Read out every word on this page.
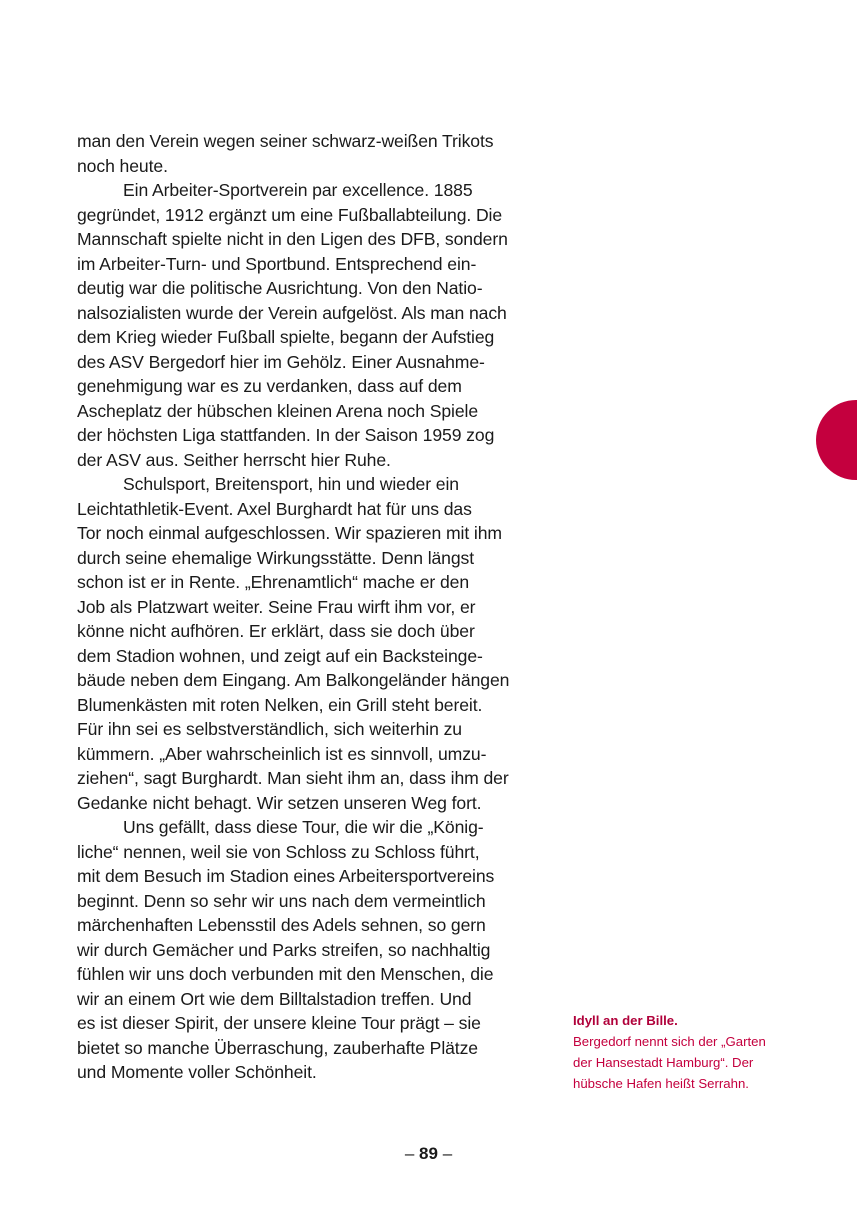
man den Verein wegen seiner schwarz-weißen Trikots
noch heute.
Ein Arbeiter-Sportverein par excellence. 1885
gegründet, 1912 ergänzt um eine Fußballabteilung. Die
Mannschaft spielte nicht in den Ligen des DFB, sondern
im Arbeiter-Turn- und Sportbund. Entsprechend ein-
deutig war die politische Ausrichtung. Von den Natio-
nalsozialisten wurde der Verein aufgelöst. Als man nach
dem Krieg wieder Fußball spielte, begann der Aufstieg
des ASV Bergedorf hier im Gehölz. Einer Ausnahme-
genehmigung war es zu verdanken, dass auf dem
Ascheplatz der hübschen kleinen Arena noch Spiele
der höchsten Liga stattfanden. In der Saison 1959 zog
der ASV aus. Seither herrscht hier Ruhe.
Schulsport, Breitensport, hin und wieder ein
Leichtathletik-Event. Axel Burghardt hat für uns das
Tor noch einmal aufgeschlossen. Wir spazieren mit ihm
durch seine ehemalige Wirkungsstätte. Denn längst
schon ist er in Rente. „Ehrenamtlich“ mache er den
Job als Platzwart weiter. Seine Frau wirft ihm vor, er
könne nicht aufhören. Er erklärt, dass sie doch über
dem Stadion wohnen, und zeigt auf ein Backsteinge-
bäude neben dem Eingang. Am Balkongeländer hängen
Blumenkästen mit roten Nelken, ein Grill steht bereit.
Für ihn sei es selbstverständlich, sich weiterhin zu
kümmern. „Aber wahrscheinlich ist es sinnvoll, umzu-
ziehen“, sagt Burghardt. Man sieht ihm an, dass ihm der
Gedanke nicht behagt. Wir setzen unseren Weg fort.
Uns gefällt, dass diese Tour, die wir die „König-
liche“ nennen, weil sie von Schloss zu Schloss führt,
mit dem Besuch im Stadion eines Arbeitersportvereins
beginnt. Denn so sehr wir uns nach dem vermeintlich
märchenhaften Lebensstil des Adels sehnen, so gern
wir durch Gemächer und Parks streifen, so nachhaltig
fühlen wir uns doch verbunden mit den Menschen, die
wir an einem Ort wie dem Billtalstadion treffen. Und
es ist dieser Spirit, der unsere kleine Tour prägt – sie
bietet so manche Überraschung, zauberhafte Plätze
und Momente voller Schönheit.
Idyll an der Bille.
Bergedorf nennt sich der „Garten
der Hansestadt Hamburg“. Der
hübsche Hafen heißt Serrahn.
– 89 –
